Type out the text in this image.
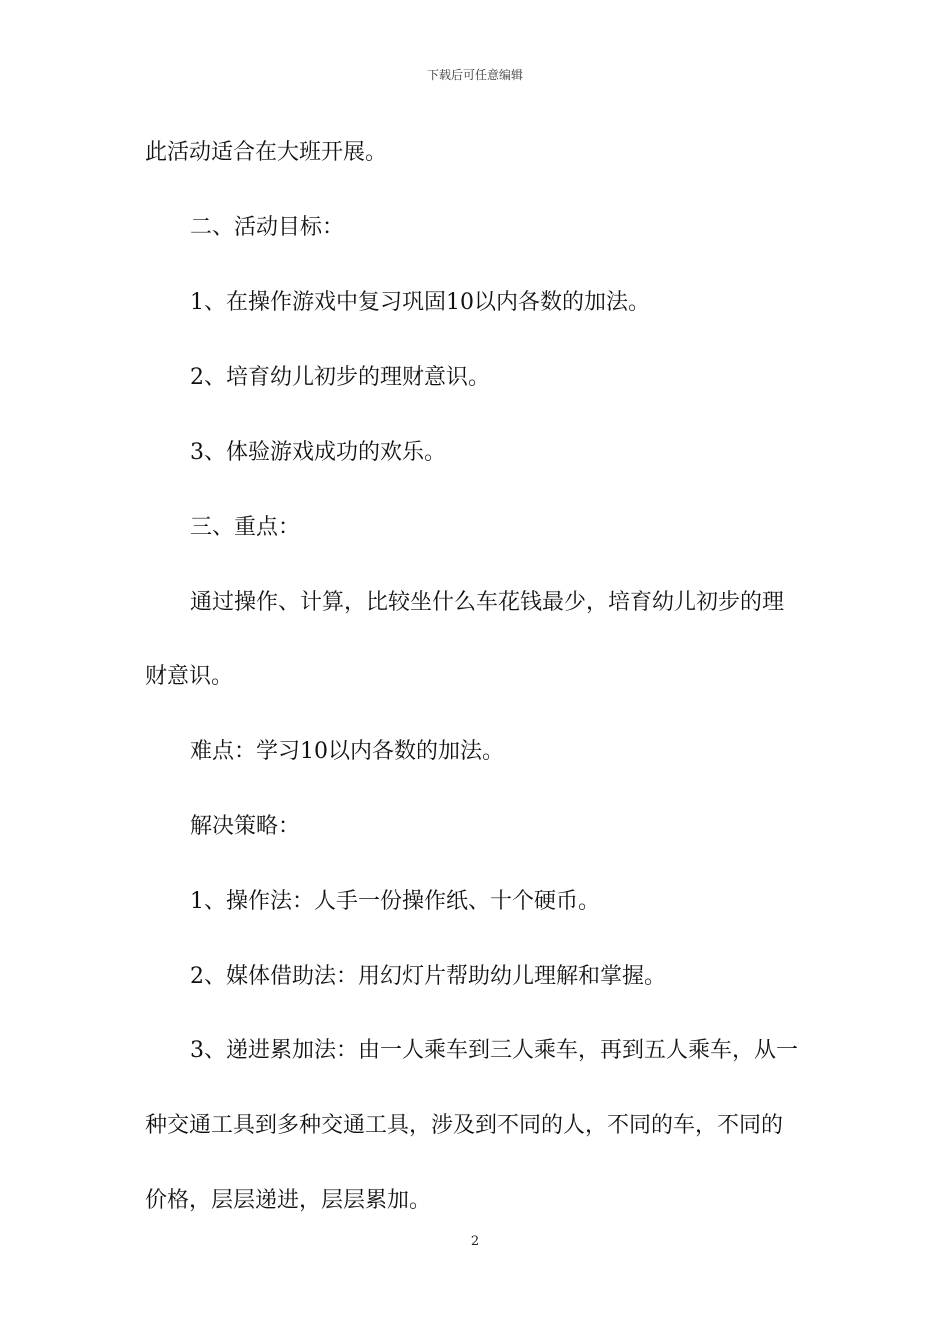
下载后可任意编辑
此活动适合在大班开展。
二、活动目标：
1、在操作游戏中复习巩固10以内各数的加法。
2、培育幼儿初步的理财意识。
3、体验游戏成功的欢乐。
三、重点：
通过操作、计算，比较坐什么车花钱最少，培育幼儿初步的理
财意识。
难点：学习10以内各数的加法。
解决策略：
1、操作法：人手一份操作纸、十个硬币。
2、媒体借助法：用幻灯片帮助幼儿理解和掌握。
3、递进累加法：由一人乘车到三人乘车，再到五人乘车，从一
种交通工具到多种交通工具，涉及到不同的人，不同的车，不同的
价格，层层递进，层层累加。
2
